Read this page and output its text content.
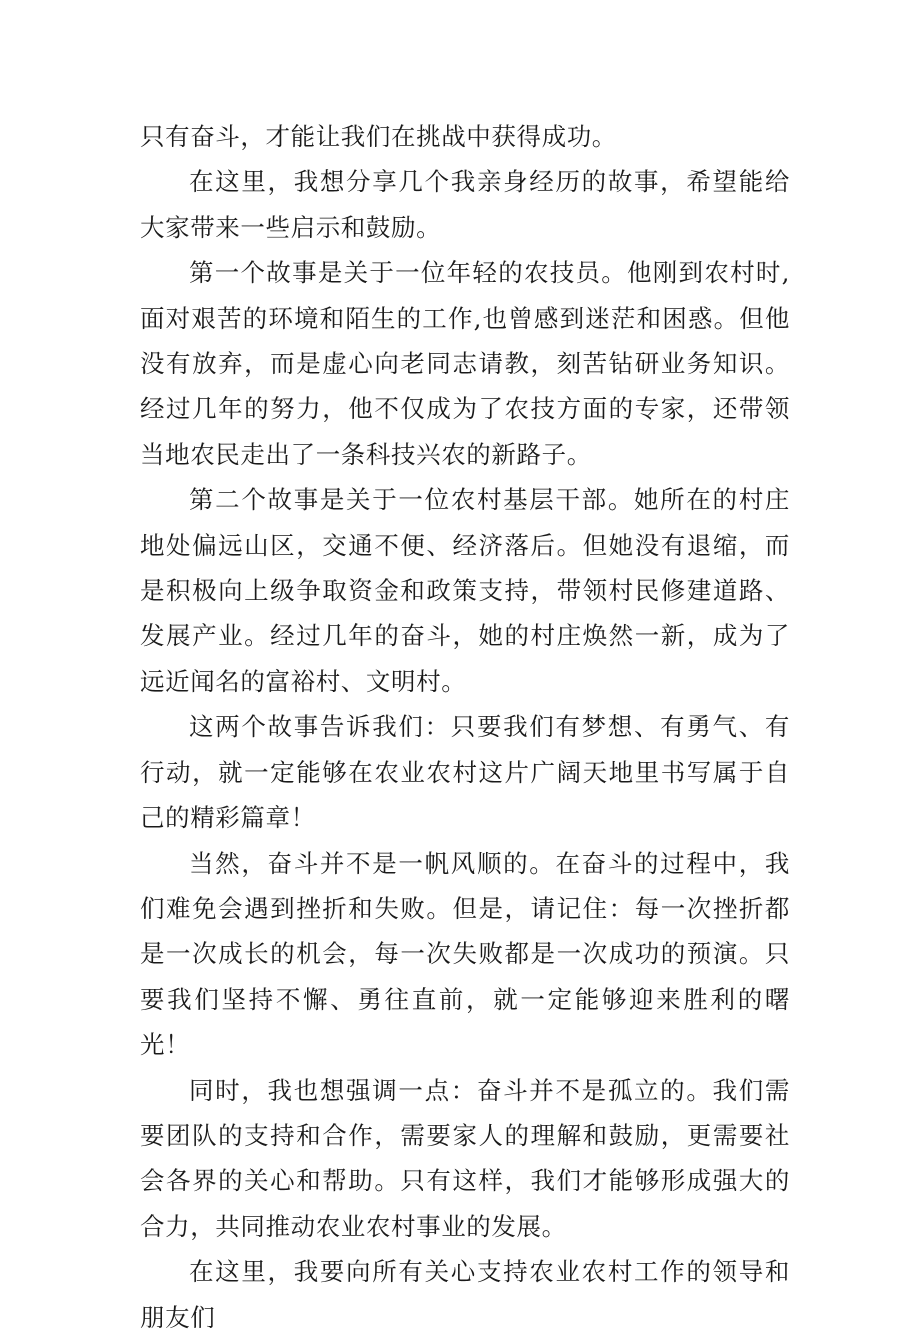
只有奋斗，才能让我们在挑战中获得成功。

在这里，我想分享几个我亲身经历的故事，希望能给大家带来一些启示和鼓励。

第一个故事是关于一位年轻的农技员。他刚到农村时,面对艰苦的环境和陌生的工作,也曾感到迷茫和困惑。但他没有放弃，而是虚心向老同志请教，刻苦钻研业务知识。经过几年的努力，他不仅成为了农技方面的专家，还带领当地农民走出了一条科技兴农的新路子。

第二个故事是关于一位农村基层干部。她所在的村庄地处偏远山区，交通不便、经济落后。但她没有退缩，而是积极向上级争取资金和政策支持，带领村民修建道路、发展产业。经过几年的奋斗，她的村庄焕然一新，成为了远近闻名的富裕村、文明村。

这两个故事告诉我们：只要我们有梦想、有勇气、有行动，就一定能够在农业农村这片广阔天地里书写属于自己的精彩篇章！

当然，奋斗并不是一帆风顺的。在奋斗的过程中，我们难免会遇到挫折和失败。但是，请记住：每一次挫折都是一次成长的机会，每一次失败都是一次成功的预演。只要我们坚持不懈、勇往直前，就一定能够迎来胜利的曙光！

同时，我也想强调一点：奋斗并不是孤立的。我们需要团队的支持和合作，需要家人的理解和鼓励，更需要社会各界的关心和帮助。只有这样，我们才能够形成强大的合力，共同推动农业农村事业的发展。

在这里，我要向所有关心支持农业农村工作的领导和朋友们
